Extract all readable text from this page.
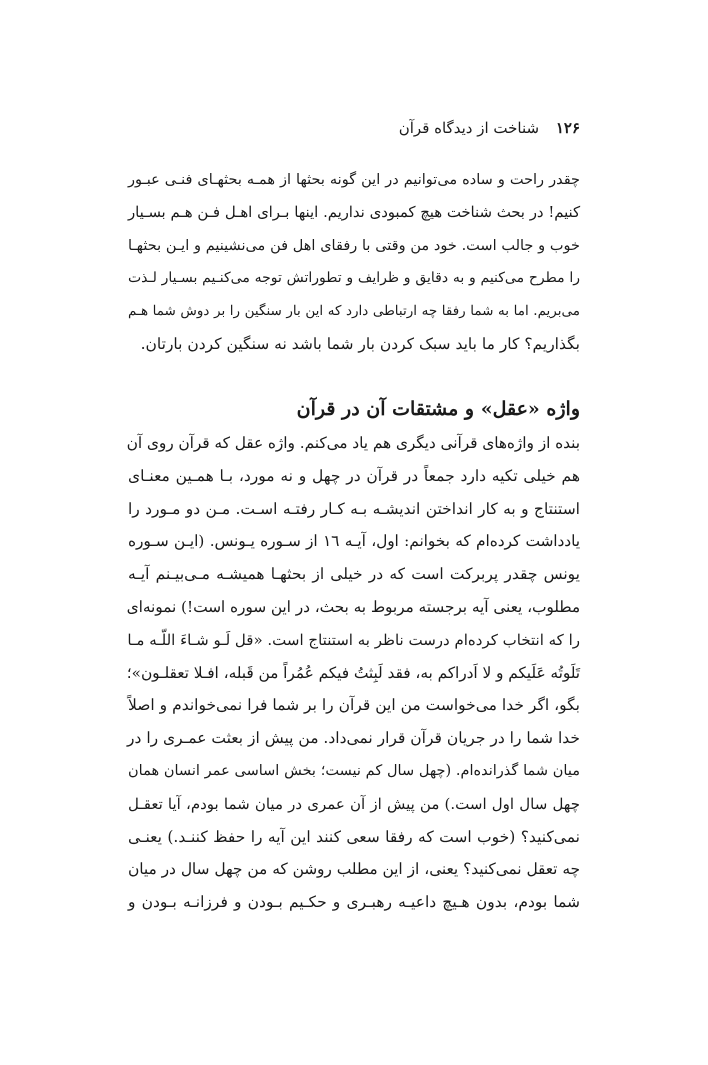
۱۲۶ شناخت از دیدگاه قرآن
چقدر راحت و ساده می‌توانیم در این گونه بحثها از همـه بحثهـای فنـی عبـور
کنیم! در بحث شناخت هیچ کمبودی نداریم. اینها بـرای اهـل فـن هـم بسـیار
خوب و جالب است. خود من وقتی با رفقای اهل فن می‌نشینیم و ایـن بحثهـا
را مطرح می‌کنیم و به دقایق و ظرایف و تطوراتش توجه می‌کنـیم بسـیار لـذت
می‌بریم. اما به شما رفقا چه ارتباطی دارد که این بار سنگین را بر دوش شما هـم
بگذاریم؟ کار ما باید سبک کردن بار شما باشد نه سنگین کردن بارتان.
واژه «عقل» و مشتقات آن در قرآن
بنده از واژه‌های قرآنی دیگری هم یاد می‌کنم. واژه عقل که قرآن روی آن
هم خیلی تکیه دارد جمعاً در قرآن در چهل و نه مورد، بـا همـین معنـای
استنتاج و به کار انداختن اندیشـه بـه کـار رفتـه اسـت. مـن دو مـورد را
یادداشت کرده‌ام که بخوانم: اول، آیـه ١٦ از سـوره یـونس. (ایـن سـوره
یونس چقدر پربرکت است که در خیلی از بحثهـا همیشـه مـی‌بیـنم آیـه
مطلوب، یعنی آیه برجسته مربوط به بحث، در این سوره است!) نمونه‌ای
را که انتخاب کرده‌ام درست ناظر به استنتاج است. «قل لَـو شـاءَ اللّـه مـا
تَلَوتُه عَلَیکم و لا اَدراکم به، فقد لَبِثتُ فیکم عُمُراً من قَبله، افـلا تعقلـون»؛
بگو، اگر خدا می‌خواست من این قرآن را بر شما فرا نمی‌خواندم و اصلاً
خدا شما را در جریان قرآن قرار نمی‌داد. من پیش از بعثت عمـری را در
میان شما گذرانده‌ام. (چهل سال کم نیست؛ بخش اساسی عمر انسان همان
چهل سال اول است.) من پیش از آن عمری در میان شما بودم، آیا تعقـل
نمی‌کنید؟ (خوب است که رفقا سعی کنند این آیه را حفظ کننـد.) یعنـی
چه تعقل نمی‌کنید؟ یعنی، از این مطلب روشن که من چهل سال در میان
شما بودم، بدون هـیچ داعیـه رهبـری و حکـیم بـودن و فرزانـه بـودن و
